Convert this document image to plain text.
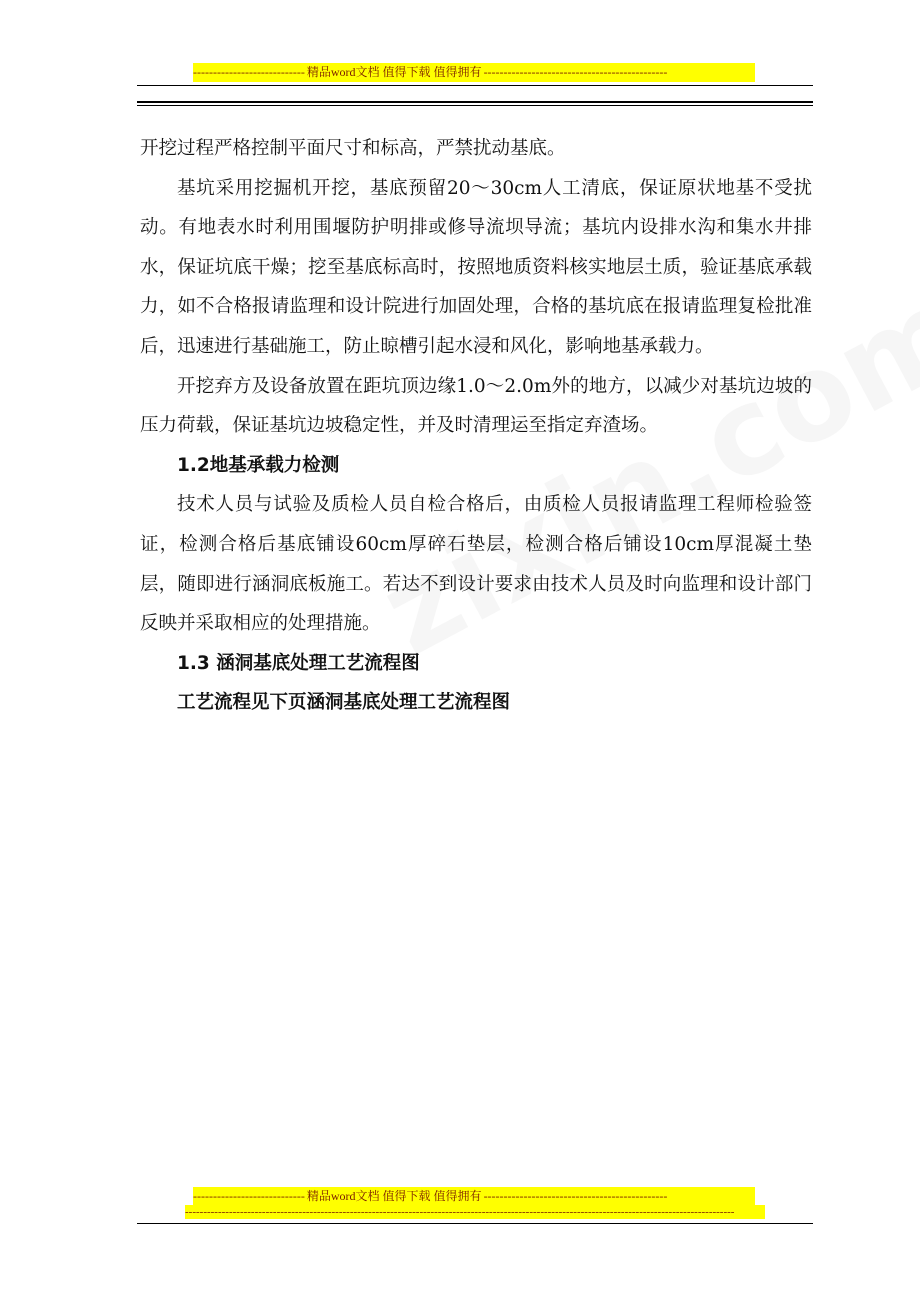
---------------------------- 精品word文档 值得下载 值得拥有 ----------------------------------------------

开挖过程严格控制平面尺寸和标高，严禁扰动基底。

基坑采用挖掘机开挖，基底预留20～30cm人工清底，保证原状地基不受扰动。有地表水时利用围堰防护明排或修导流坝导流；基坑内设排水沟和集水井排水，保证坑底干燥；挖至基底标高时，按照地质资料核实地层土质，验证基底承载力，如不合格报请监理和设计院进行加固处理，合格的基坑底在报请监理复检批准后，迅速进行基础施工，防止晾槽引起水浸和风化，影响地基承载力。

开挖弃方及设备放置在距坑顶边缘1.0～2.0m外的地方，以减少对基坑边坡的压力荷载，保证基坑边坡稳定性，并及时清理运至指定弃渣场。

1.2地基承载力检测

技术人员与试验及质检人员自检合格后，由质检人员报请监理工程师检验签证，检测合格后基底铺设60cm厚碎石垫层，检测合格后铺设10cm厚混凝土垫层，随即进行涵洞底板施工。若达不到设计要求由技术人员及时向监理和设计部门反映并采取相应的处理措施。

1.3 涵洞基底处理工艺流程图

工艺流程见下页涵洞基底处理工艺流程图

---------------------------- 精品word文档 值得下载 值得拥有 ----------------------------------------------
------------------------------------------------------------------------------------------------------------------------------------------------------
